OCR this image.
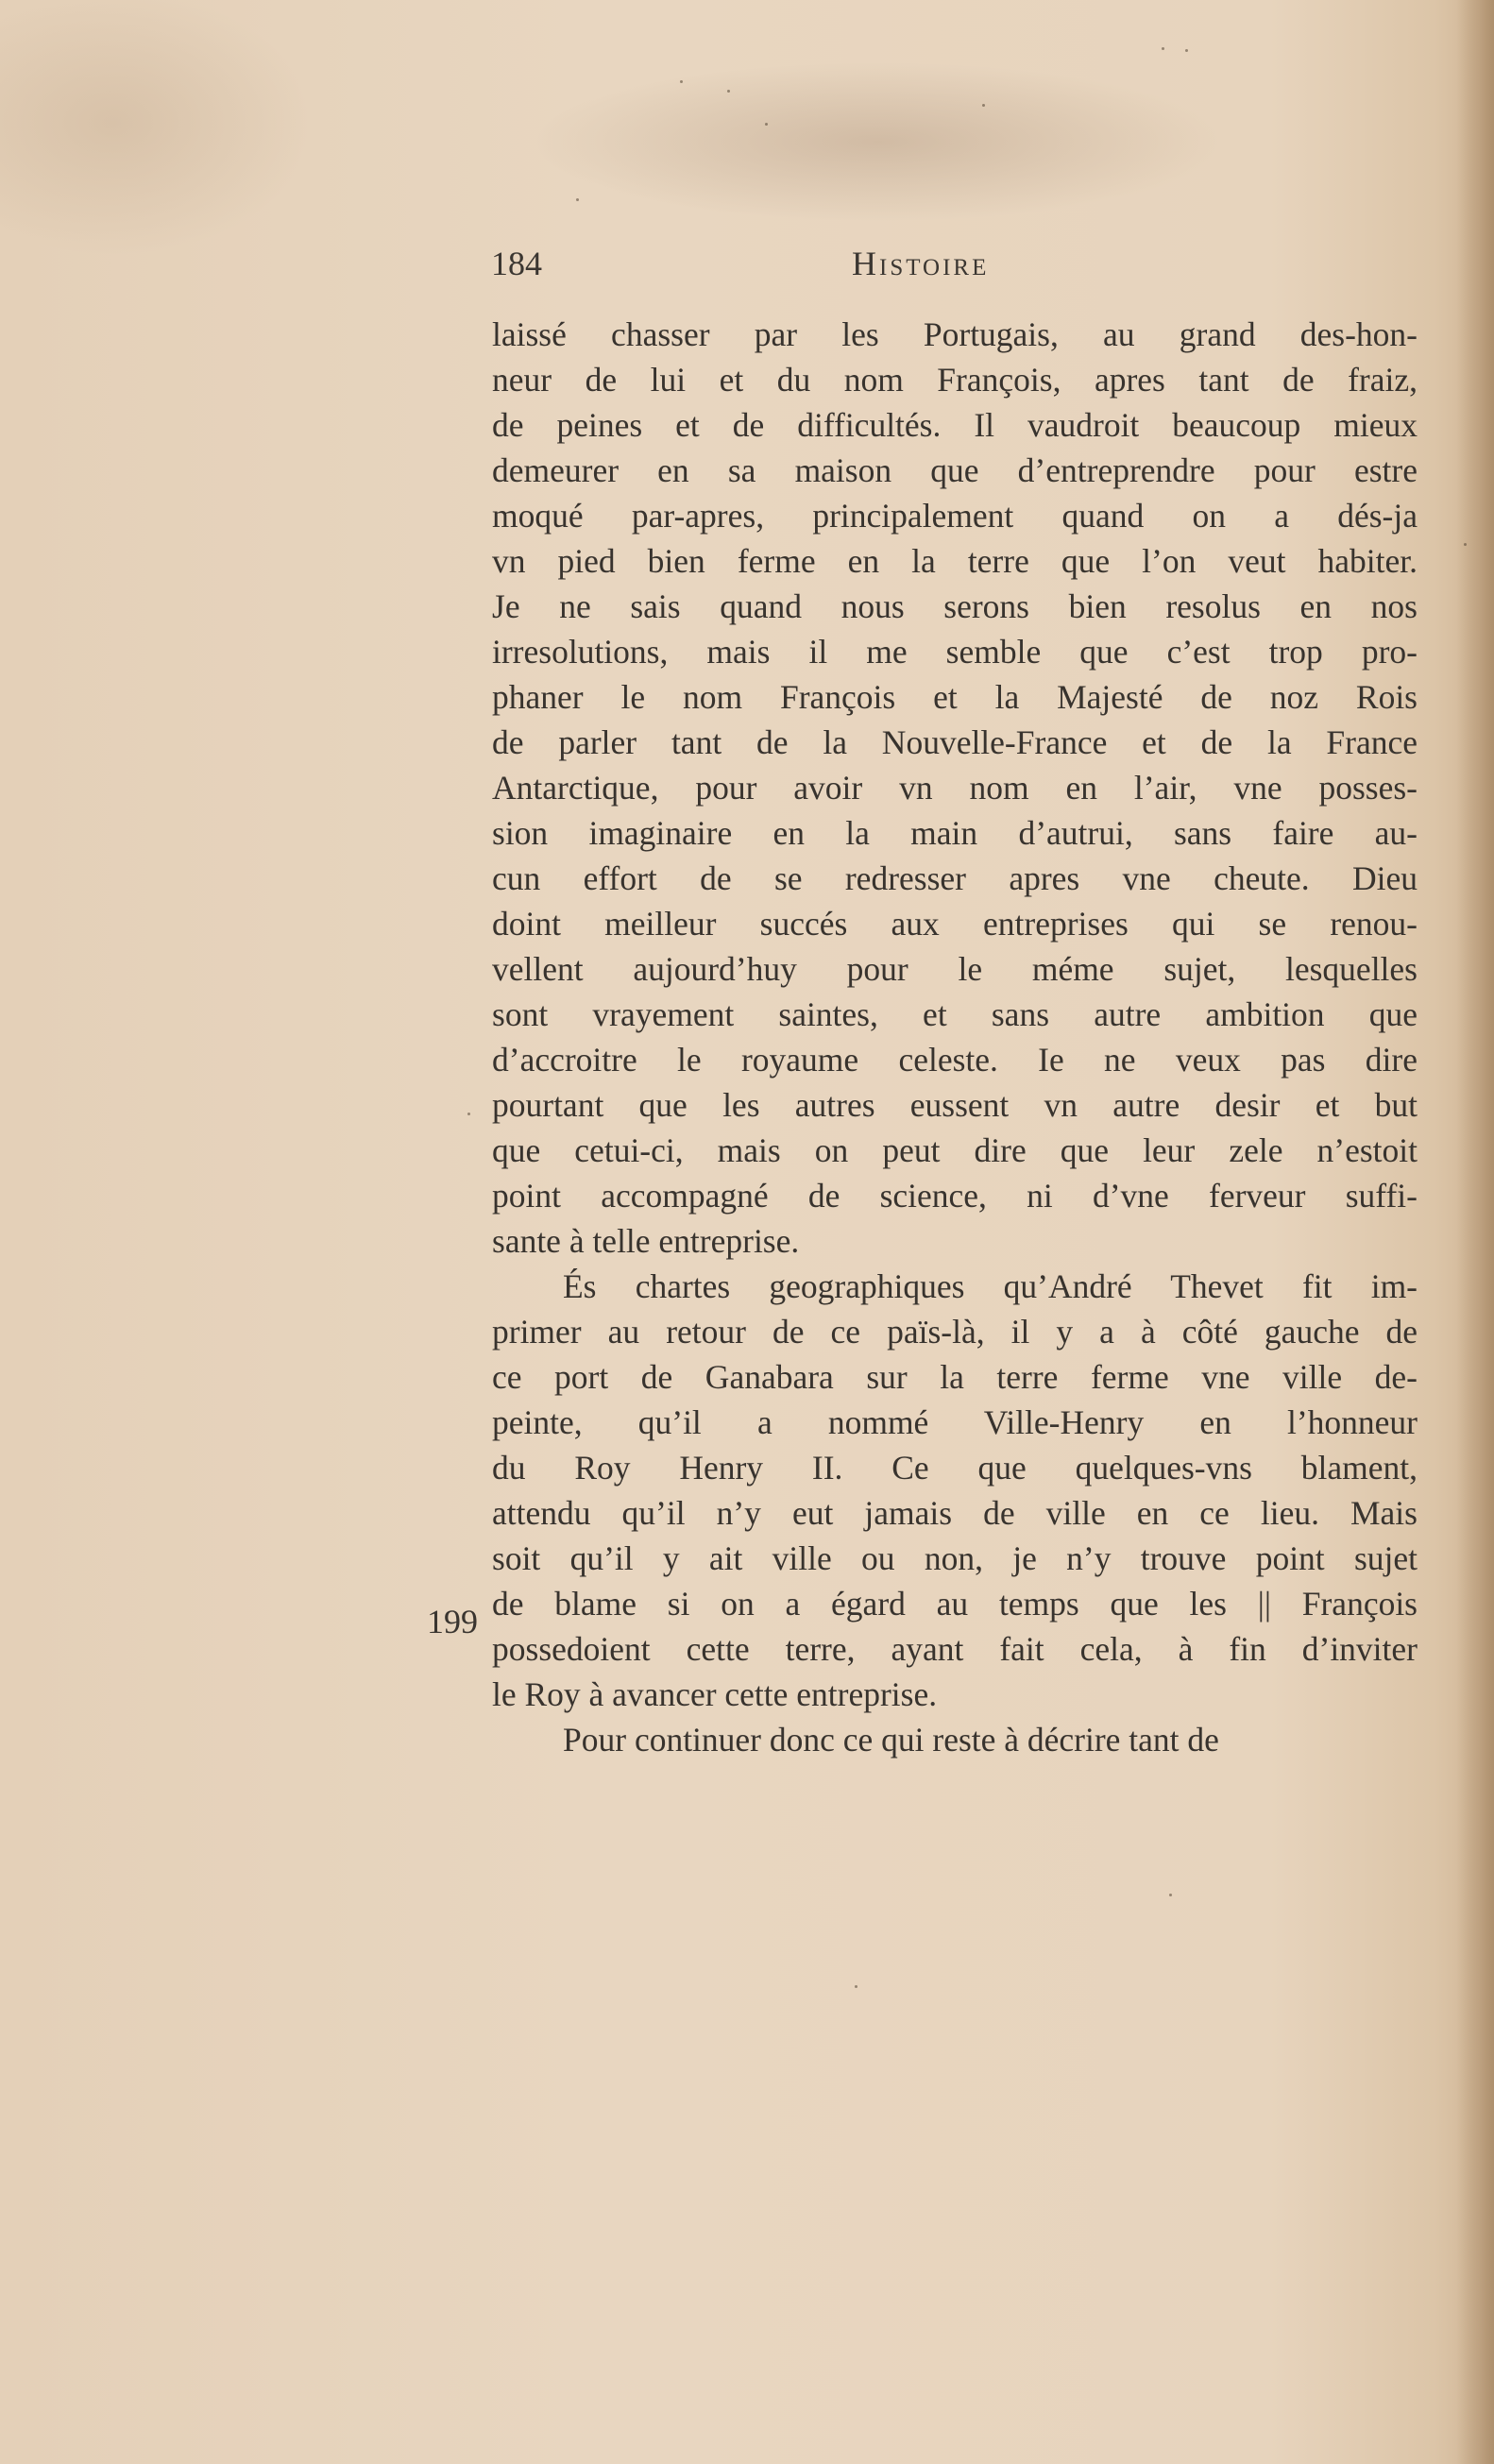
184	Histoire
199
laissé chasser par les Portugais, au grand des-hon-
neur de lui et du nom François, apres tant de fraiz,
de peines et de difficultés. Il vaudroit beaucoup mieux
demeurer en sa maison que d’entreprendre pour estre
moqué par-apres, principalement quand on a dés-ja
vn pied bien ferme en la terre que l’on veut habiter.
Je ne sais quand nous serons bien resolus en nos
irresolutions, mais il me semble que c’est trop pro-
phaner le nom François et la Majesté de noz Rois
de parler tant de la Nouvelle-France et de la France
Antarctique, pour avoir vn nom en l’air, vne posses-
sion imaginaire en la main d’autrui, sans faire au-
cun effort de se redresser apres vne cheute. Dieu
doint meilleur succés aux entreprises qui se renou-
vellent aujourd’huy pour le méme sujet, lesquelles
sont vrayement saintes, et sans autre ambition que
d’accroitre le royaume celeste. Ie ne veux pas dire
pourtant que les autres eussent vn autre desir et but
que cetui-ci, mais on peut dire que leur zele n’estoit
point accompagné de science, ni d’vne ferveur suffi-
sante à telle entreprise.
És chartes geographiques qu’André Thevet fit im-
primer au retour de ce païs-là, il y a à côté gauche de
ce port de Ganabara sur la terre ferme vne ville de-
peinte, qu’il a nommé Ville-Henry en l’honneur
du Roy Henry II. Ce que quelques-vns blament,
attendu qu’il n’y eut jamais de ville en ce lieu. Mais
soit qu’il y ait ville ou non, je n’y trouve point sujet
de blame si on a égard au temps que les || François
possedoient cette terre, ayant fait cela, à fin d’inviter
le Roy à avancer cette entreprise.
Pour continuer donc ce qui reste à décrire tant de
